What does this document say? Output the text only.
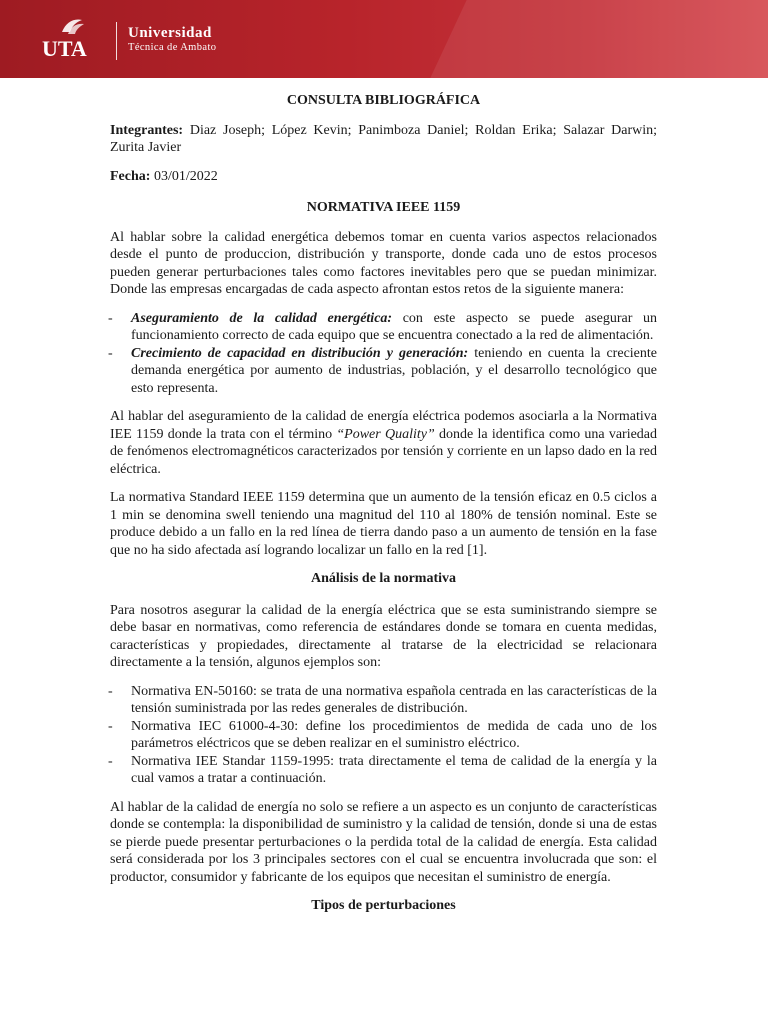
UTA
Universidad
Técnica de Ambato
CONSULTA BIBLIOGRÁFICA

Integrantes: Diaz Joseph; López Kevin; Panimboza Daniel; Roldan Erika; Salazar Darwin; Zurita Javier

Fecha: 03/01/2022

NORMATIVA IEEE 1159

Al hablar sobre la calidad energética debemos tomar en cuenta varios aspectos relacionados desde el punto de produccion, distribución y transporte, donde cada uno de estos procesos pueden generar perturbaciones tales como factores inevitables pero que se puedan minimizar. Donde las empresas encargadas de cada aspecto afrontan estos retos de la siguiente manera:

- Aseguramiento de la calidad energética: con este aspecto se puede asegurar un funcionamiento correcto de cada equipo que se encuentra conectado a la red de alimentación.
- Crecimiento de capacidad en distribución y generación: teniendo en cuenta la creciente demanda energética por aumento de industrias, población, y el desarrollo tecnológico que esto representa.

Al hablar del aseguramiento de la calidad de energía eléctrica podemos asociarla a la Normativa IEE 1159 donde la trata con el término “Power Quality” donde la identifica como una variedad de fenómenos electromagnéticos caracterizados por tensión y corriente en un lapso dado en la red eléctrica.

La normativa Standard IEEE 1159 determina que un aumento de la tensión eficaz en 0.5 ciclos a 1 min se denomina swell teniendo una magnitud del 110 al 180% de tensión nominal. Este se produce debido a un fallo en la red línea de tierra dando paso a un aumento de tensión en la fase que no ha sido afectada así logrando localizar un fallo en la red [1].

Análisis de la normativa

Para nosotros asegurar la calidad de la energía eléctrica que se esta suministrando siempre se debe basar en normativas, como referencia de estándares donde se tomara en cuenta medidas, características y propiedades, directamente al tratarse de la electricidad se relacionara directamente a la tensión, algunos ejemplos son:

- Normativa EN-50160: se trata de una normativa española centrada en las características de la tensión suministrada por las redes generales de distribución.
- Normativa IEC 61000-4-30: define los procedimientos de medida de cada uno de los parámetros eléctricos que se deben realizar en el suministro eléctrico.
- Normativa IEE Standar 1159-1995: trata directamente el tema de calidad de la energía y la cual vamos a tratar a continuación.

Al hablar de la calidad de energía no solo se refiere a un aspecto es un conjunto de características donde se contempla: la disponibilidad de suministro y la calidad de tensión, donde si una de estas se pierde puede presentar perturbaciones o la perdida total de la calidad de energía. Esta calidad será considerada por los 3 principales sectores con el cual se encuentra involucrada que son: el productor, consumidor y fabricante de los equipos que necesitan el suministro de energía.

Tipos de perturbaciones
